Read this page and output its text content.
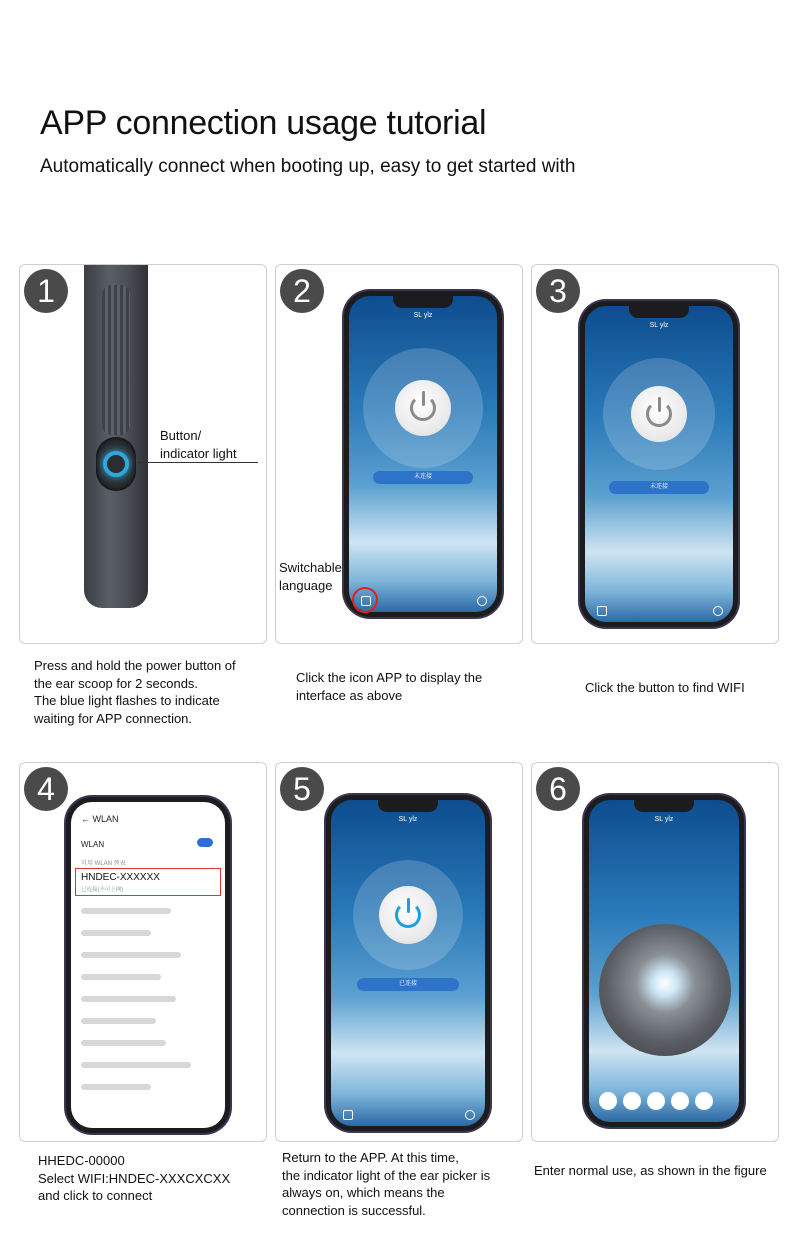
APP connection usage tutorial
Automatically connect when booting up, easy to get started with
1
Button/
indicator light
2
SL ylz
未连接
Switchable
language
3
SL ylz
未连接
Press and hold the power button of
the ear scoop for 2 seconds.
The blue light flashes to indicate
waiting for APP connection.
Click the icon APP to display the
interface as above	Click the button to find WIFI
4
← WLAN
WLAN
可用 WLAN 列表
HNDEC-XXXXXX
已连接(不可上网)
5
SL ylz
已连接
6
SL ylz
HHEDC-00000
Select WIFI:HNDEC-XXXCXCXX
and click to connect
Return to the APP. At this time,
the indicator light of the ear picker is
always on, which means the
connection is successful.
Enter normal use, as shown in the figure
